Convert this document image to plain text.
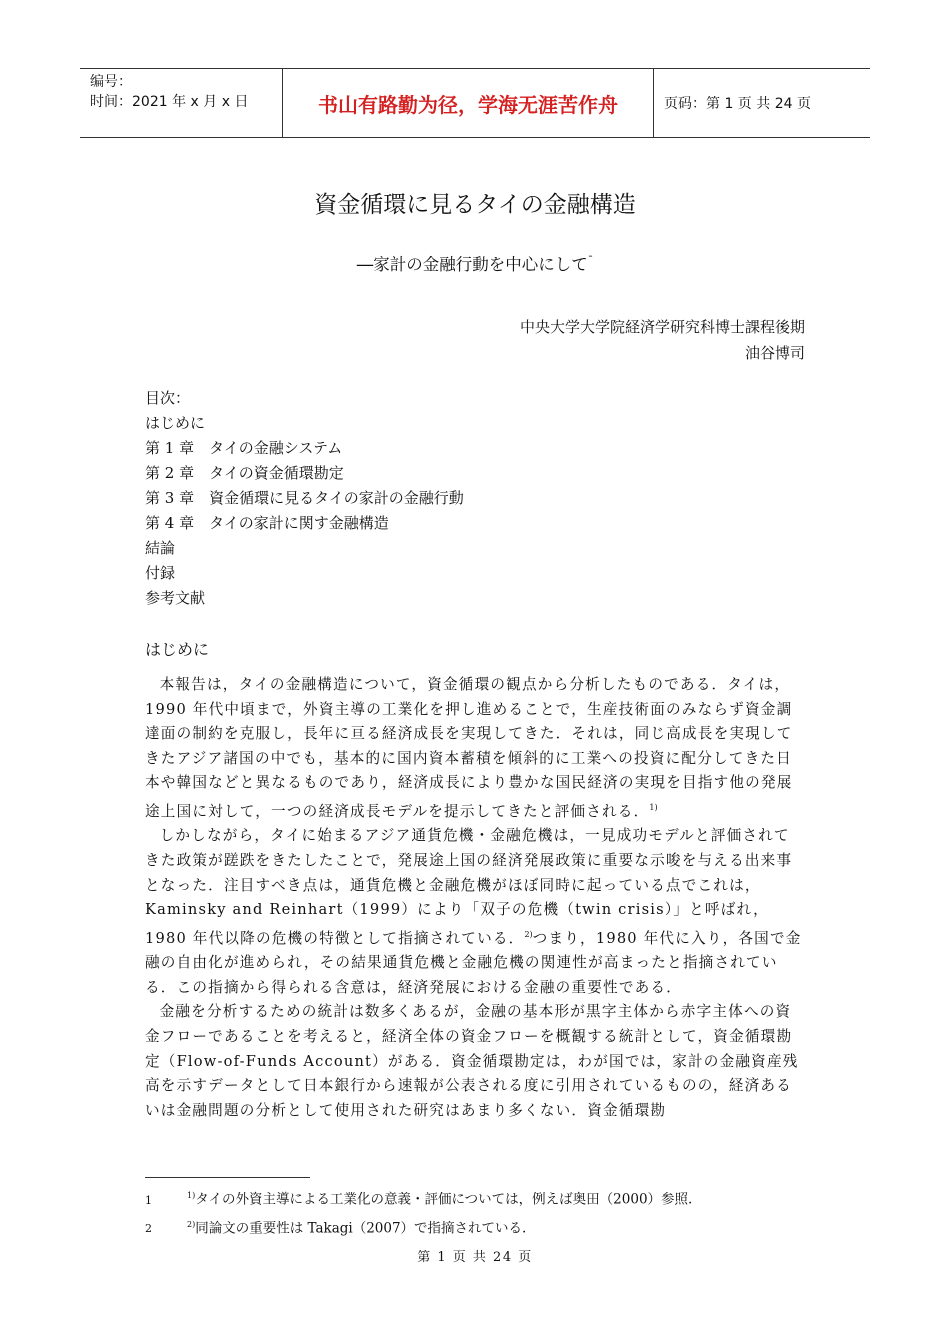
编号：
时间：2021 年 x 月 x 日	书山有路勤为径，学海无涯苦作舟	页码：第 1 页 共 24 页
資金循環に見るタイの金融構造
―家計の金融行動を中心にして¯
中央大学大学院経済学研究科博士課程後期
油谷博司
目次：
はじめに
第 1 章　タイの金融システム
第 2 章　タイの資金循環勘定
第 3 章　資金循環に見るタイの家計の金融行動
第 4 章　タイの家計に関す金融構造
結論
付録
参考文献
はじめに

本報告は，タイの金融構造について，資金循環の観点から分析したものである．タイは，1990 年代中頃まで，外資主導の工業化を押し進めることで，生産技術面のみならず資金調達面の制約を克服し，長年に亘る経済成長を実現してきた．それは，同じ高成長を実現してきたアジア諸国の中でも，基本的に国内資本蓄積を傾斜的に工業への投資に配分してきた日本や韓国などと異なるものであり，経済成長により豊かな国民経済の実現を目指す他の発展途上国に対して，一つの経済成長モデルを提示してきたと評価される．$^{1)}$

しかしながら，タイに始まるアジア通貨危機・金融危機は，一見成功モデルと評価されてきた政策が蹉跌をきたしたことで，発展途上国の経済発展政策に重要な示唆を与える出来事となった．注目すべき点は，通貨危機と金融危機がほぼ同時に起っている点でこれは，Kaminsky and Reinhart（1999）により「双子の危機（twin crisis）」と呼ばれ，1980 年代以降の危機の特徴として指摘されている．$^{2)}$つまり，1980 年代に入り，各国で金融の自由化が進められ，その結果通貨危機と金融危機の関連性が高まったと指摘されている．この指摘から得られる含意は，経済発展における金融の重要性である．

金融を分析するための統計は数多くあるが，金融の基本形が黒字主体から赤字主体への資金フローであることを考えると，経済全体の資金フローを概観する統計として，資金循環勘定（Flow-of-Funds Account）がある．資金循環勘定は，わが国では，家計の金融資産残高を示すデータとして日本銀行から速報が公表される度に引用されているものの，経済あるいは金融問題の分析として使用された研究はあまり多くない．資金循環勘

1	$^{1)}$タイの外資主導による工業化の意義・評価については，例えば奥田（2000）参照.
2	$^{2)}$同論文の重要性は Takagi（2007）で指摘されている.
第 1 页 共 24 页
